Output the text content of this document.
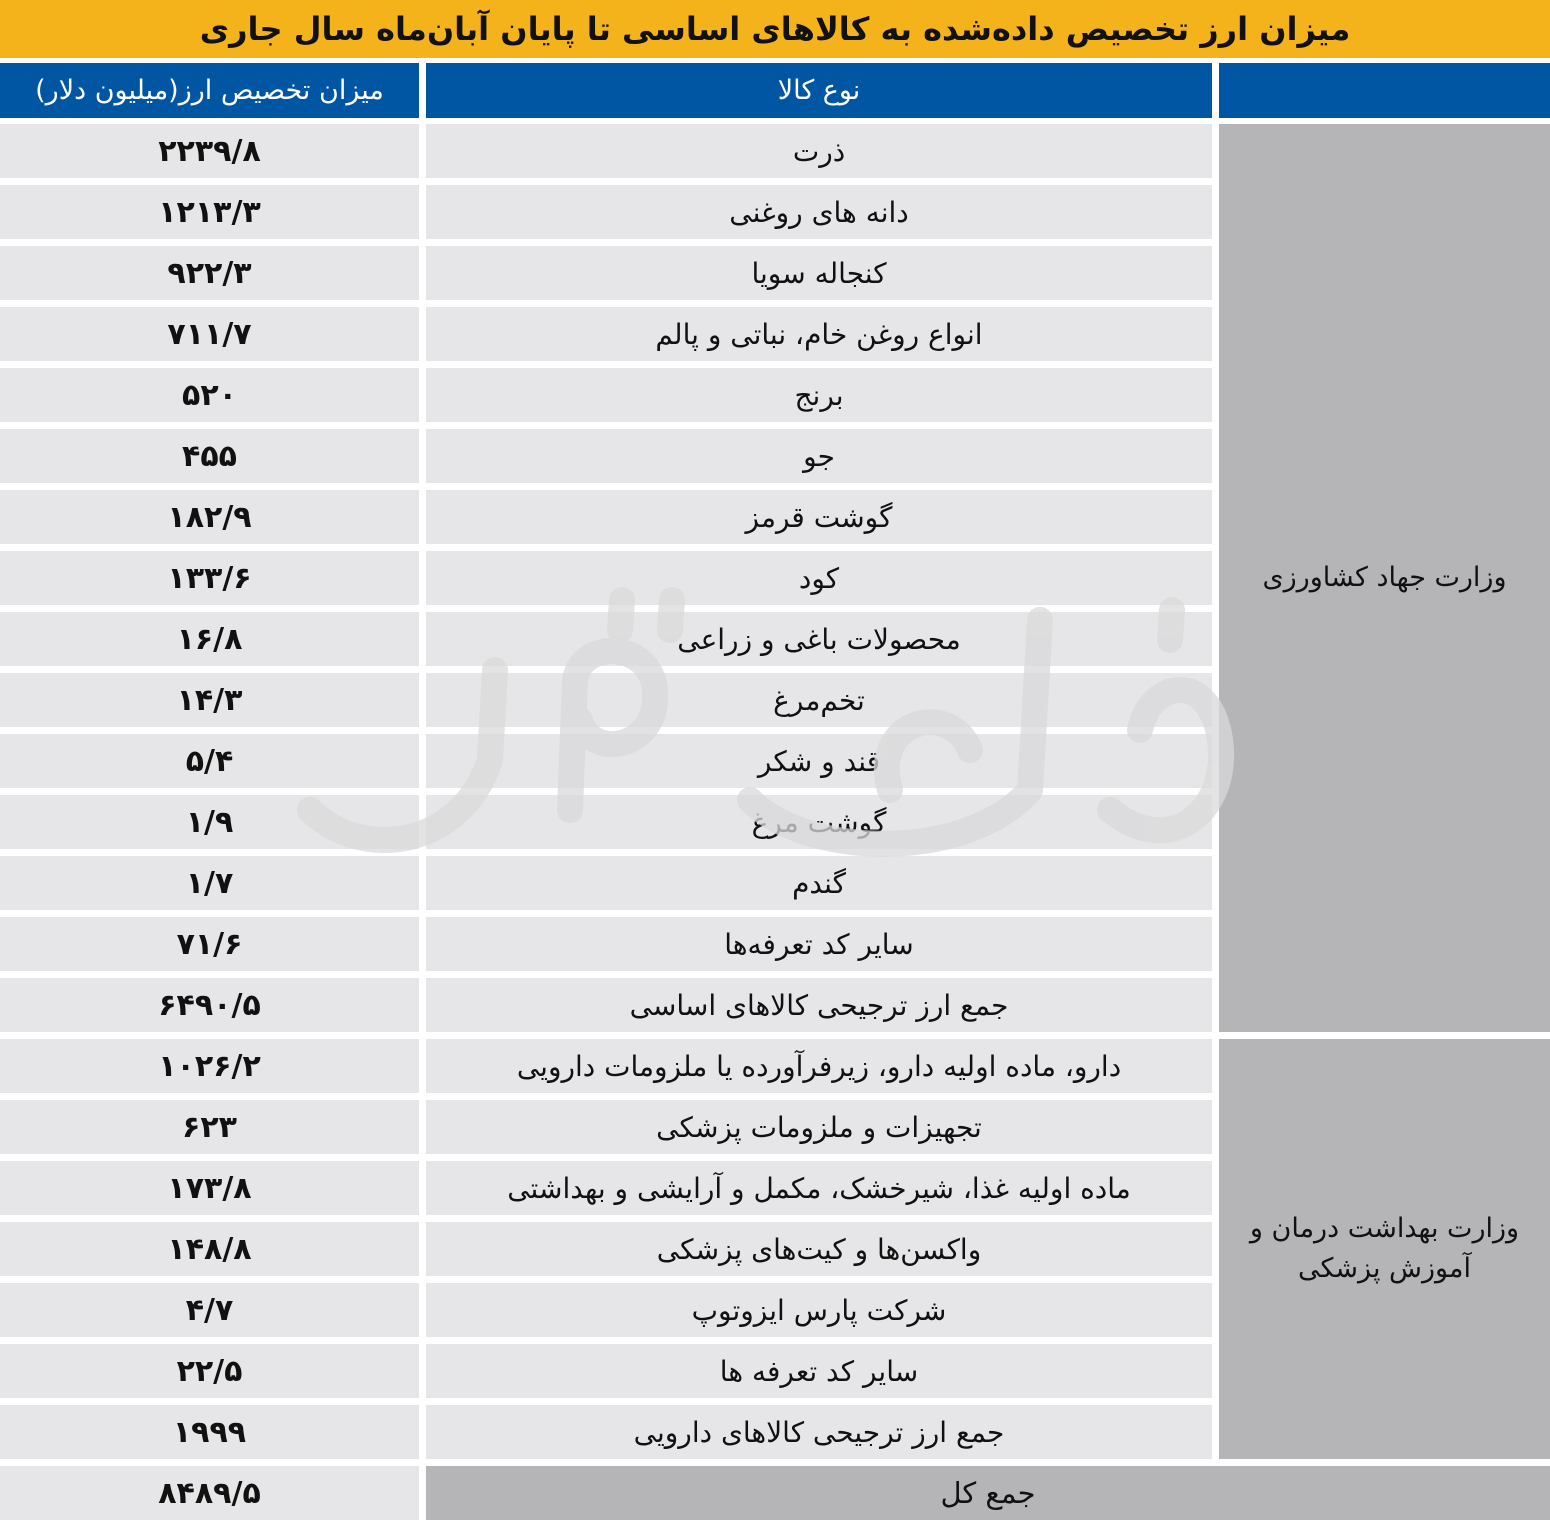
میزان ارز تخصیص داده‌شده به کالاهای اساسی تا پایان آبان‌ماه سال جاری
میزان تخصیص ارز(میلیون دلار)	نوع کالا
۲۲۳۹/۸	ذرت
۱۲۱۳/۳	دانه های روغنی
۹۲۲/۳	کنجاله سویا
۷۱۱/۷	انواع روغن خام، نباتی و پالم
۵۲۰	برنج
۴۵۵	جو
۱۸۲/۹	گوشت قرمز
۱۳۳/۶	کود
۱۶/۸	محصولات باغی و زراعی
۱۴/۳	تخم‌مرغ
۵/۴	قند و شکر
۱/۹	گوشت مرغ
۱/۷	گندم
۷۱/۶	سایر کد تعرفه‌ها
۶۴۹۰/۵	جمع ارز ترجیحی کالاهای اساسی
وزارت جهاد کشاورزی
۱۰۲۶/۲	دارو، ماده اولیه دارو، زیرفرآورده یا ملزومات دارویی
۶۲۳	تجهیزات و ملزومات پزشکی
۱۷۳/۸	ماده اولیه غذا، شیرخشک، مکمل و آرایشی و بهداشتی
۱۴۸/۸	واکسن‌ها و کیت‌های پزشکی
۴/۷	شرکت پارس ایزوتوپ
۲۲/۵	سایر کد تعرفه ها
۱۹۹۹	جمع ارز ترجیحی کالاهای دارویی
وزارت بهداشت درمان و آموزش پزشکی
۸۴۸۹/۵	جمع کل
